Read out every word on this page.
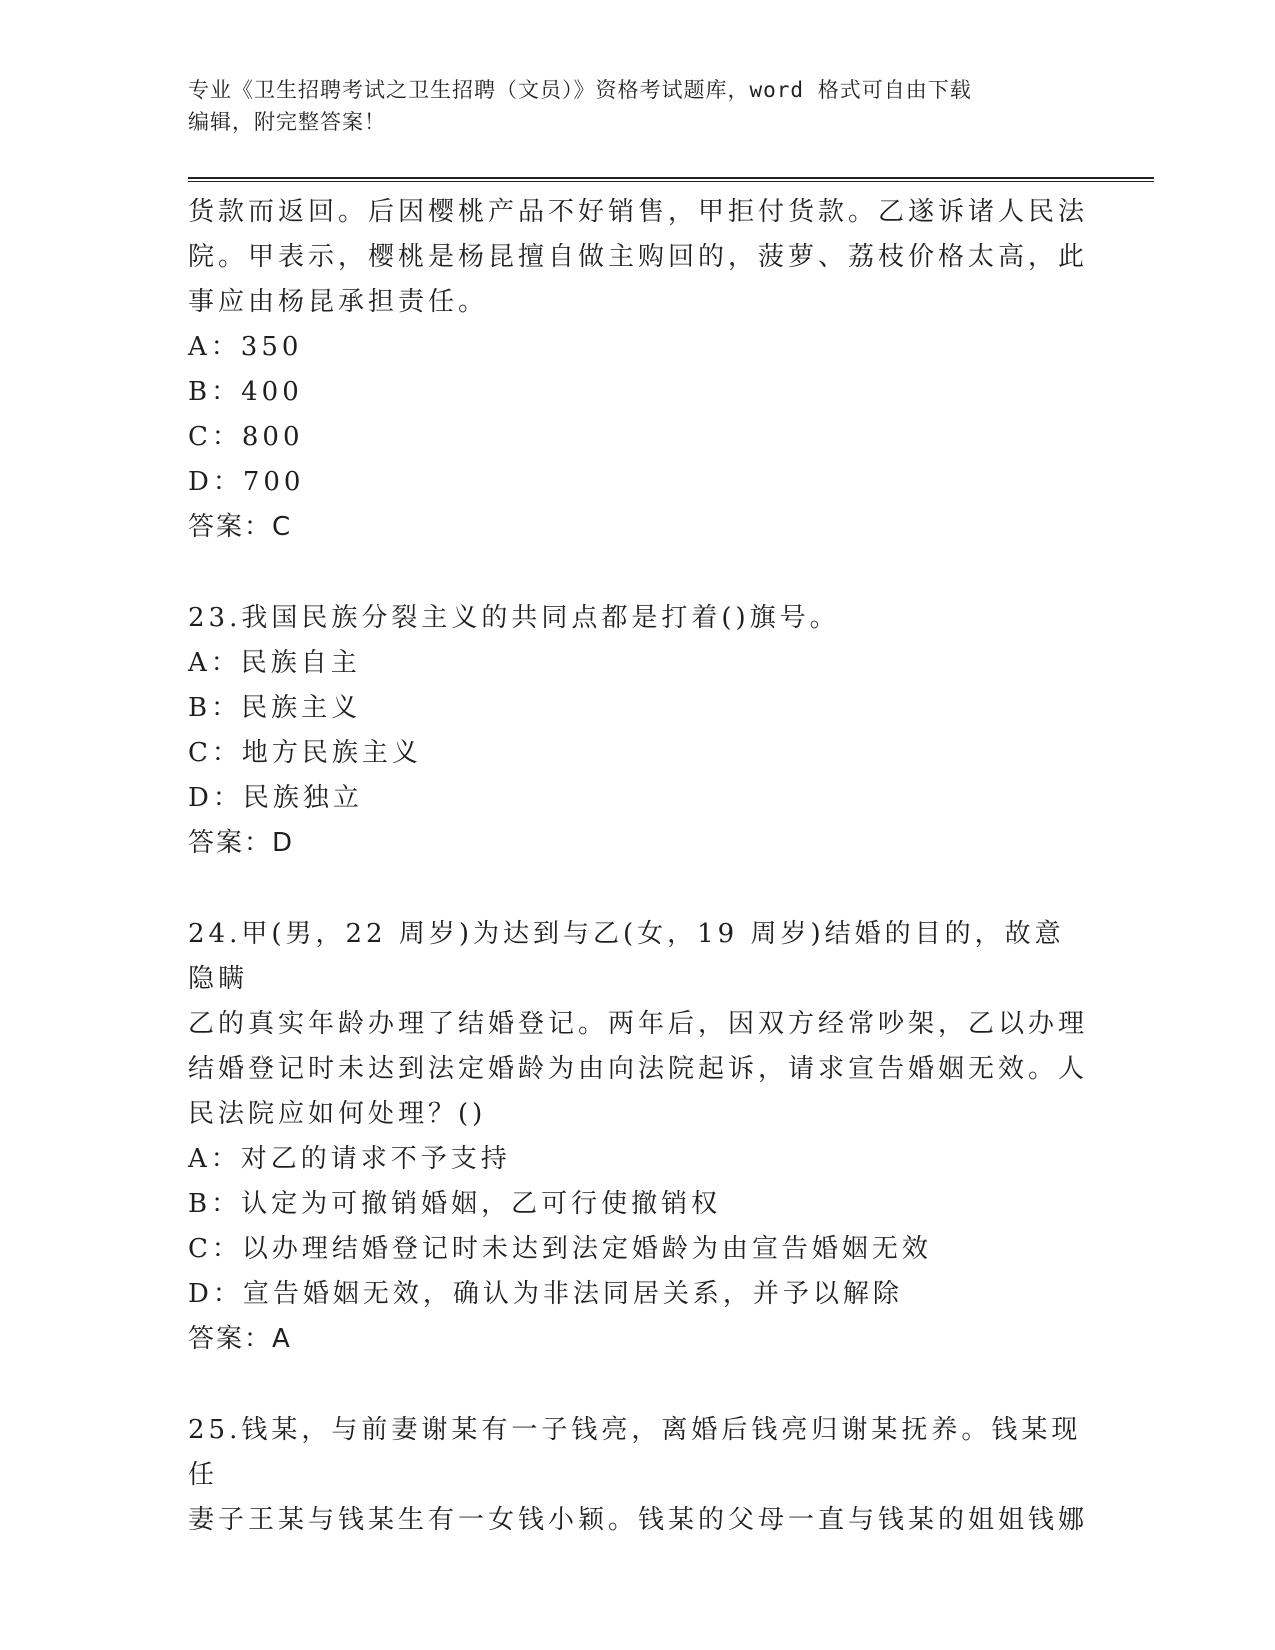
专业《卫生招聘考试之卫生招聘（文员）》资格考试题库，word 格式可自由下载
编辑，附完整答案！

货款而返回。后因樱桃产品不好销售，甲拒付货款。乙遂诉诸人民法

院。甲表示，樱桃是杨昆擅自做主购回的，菠萝、荔枝价格太高，此

事应由杨昆承担责任。

A：350

B：400

C：800

D：700

答案：C

23.我国民族分裂主义的共同点都是打着()旗号。

A：民族自主

B：民族主义

C：地方民族主义

D：民族独立

答案：D

24.甲(男，22 周岁)为达到与乙(女，19 周岁)结婚的目的，故意隐瞒

乙的真实年龄办理了结婚登记。两年后，因双方经常吵架，乙以办理

结婚登记时未达到法定婚龄为由向法院起诉，请求宣告婚姻无效。人

民法院应如何处理？()

A：对乙的请求不予支持

B：认定为可撤销婚姻，乙可行使撤销权

C：以办理结婚登记时未达到法定婚龄为由宣告婚姻无效

D：宣告婚姻无效，确认为非法同居关系，并予以解除

答案：A

25.钱某，与前妻谢某有一子钱亮，离婚后钱亮归谢某抚养。钱某现任

妻子王某与钱某生有一女钱小颖。钱某的父母一直与钱某的姐姐钱娜
